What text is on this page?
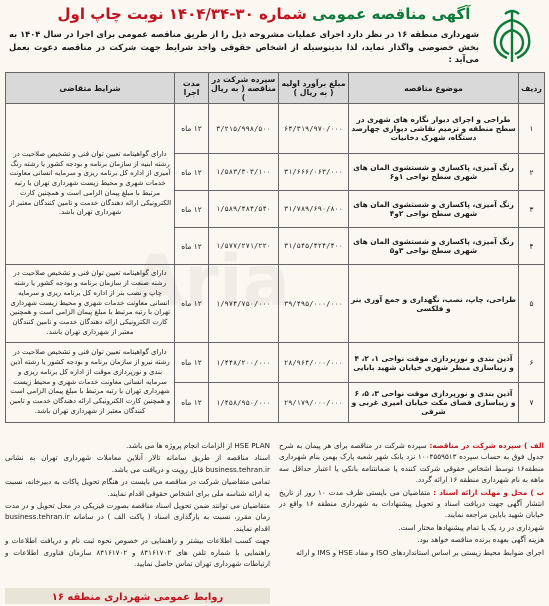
آگهی مناقصه عمومی شماره ۳۰-۱۴۰۴/۳۴ نوبت چاپ اول

شهرداری منطقه ۱۶ در نظر دارد اجرای عملیات مشروحه ذیل را از طریق مناقصه عمومی برای اجرا در سال ۱۴۰۴ به بخش خصوصی واگذار نماید، لذا بدینوسیله از اشخاص حقوقی واجد شرایط جهت شرکت در مناقصه دعوت بعمل می‌آید :

ردیف	موضوع مناقصه	مبلغ برآورد اولیه ( به ریال )	سپرده شرکت در مناقصه ( به ریال )	مدت اجرا	شرایط متقاضی
۱	طراحی و اجرای دیوار نگاره های شهری در سطح منطقه و ترمیم نقاشی دیواری چهارصد دستگاه، شهرک دخانیات	۶۴/۳۱۹/۹۷۰/۰۰۰	۳/۲۱۵/۹۹۸/۵۰۰	۱۲ ماه	دارای گواهینامه تعیین توان فنی و تشخیص صلاحیت در رشته ابنیه از سازمان برنامه و بودجه کشور یا رشته رنگ آمیزی از اداره کل برنامه ریزی و سرمایه انسانی معاونت خدمات شهری و محیط زیست شهرداری تهران با رتبه مرتبط با مبلغ پیمان الزامی است و همچنین کارت الکترونیکی ارائه دهندگان خدمت و تامین کنندگان معتبر از شهرداری تهران باشد.
۲	رنگ آمیزی، پاکسازی و شستشوی المان های شهری سطح نواحی ۱و۶	۳۱/۶۶۶/۰۶۳/۰۰۰	۱/۵۸۳/۳۰۳/۱۰۰	۱۲ ماه	
۳	رنگ آمیزی، پاکسازی و شستشوی المان های شهری سطح نواحی ۲و۴	۳۱/۷۸۹/۶۹۰/۸۰۰	۱/۵۸۹/۴۸۴/۵۴۰	۱۲ ماه	
۴	رنگ آمیزی، پاکسازی و شستشوی المان های شهری سطح نواحی ۳و۵	۳۱/۵۴۵/۴۲۴/۴۰۰	۱/۵۷۷/۲۷۱/۲۲۰	۱۲ ماه	
۵	طراحی، چاپ، نصب، نگهداری و جمع آوری بنر و فلکسی	۳۹/۴۹۵/۰۰۰/۰۰۰	۱/۹۷۴/۷۵۰/۰۰۰	۱۲ ماه	دارای گواهینامه تعیین توان فنی و تشخیص صلاحیت در رشته صنعت از سازمان برنامه و بودجه کشور یا رشته چاپ و نصب بنر از اداره کل برنامه ریزی و سرمایه انسانی معاونت خدمات شهری و محیط زیست شهرداری تهران با رتبه مرتبط با مبلغ پیمان الزامی است و همچنین کارت الکترونیکی ارائه دهندگان خدمت و تامین کنندگان معتبر از شهرداری تهران باشد.
۶	آذین بندی و نورپردازی موقت نواحی ۱، ۲، ۴ و زیباسازی منظر شهری خیابان شهید بابایی	۲۸/۹۶۴/۰۰۰/۰۰۰	۱/۴۴۸/۲۰۰/۰۰۰	۱۲ ماه	دارای گواهینامه تعیین توان فنی و تشخیص صلاحیت در رشته نیرو از سازمان برنامه و بودجه کشور یا رشته آذین بندی و نورپردازی موقت از اداره کل برنامه ریزی و سرمایه انسانی معاونت خدمات شهری و محیط زیست شهرداری تهران با رتبه مرتبط با مبلغ پیمان الزامی است و همچنین کارت الکترونیکی ارائه دهندگان خدمت و تامین کنندگان معتبر از شهرداری تهران باشد.
۷	آذین بندی و نورپردازی موقت نواحی ۳، ۵، ۶ و زیباسازی فضای مکث خیابان امیری غربی و شرقی	۲۹/۱۷۹/۰۰۰/۰۰۰	۱/۴۵۸/۹۵۰/۰۰۰	۱۲ ماه	

الف ) سپرده شرکت در مناقصه: سپرده شرکت در مناقصه برای هر پیمان به شرح جدول فوق به حساب سپرده ۱۰۰۴۵۵۹۵۱۳ نزد بانک شهر شعبه پارک بهمن بنام شهرداری منطقه۱۶ توسط اشخاص حقوقی شرکت کننده یا ضمانتنامه بانکی یا اعتبار حداقل سه ماهه به نام شهرداری منطقه ۱۶ ارائه گردد.

ب ) محل و مهلت ارائه اسناد : متقاضیان می بایستی ظرف مدت ۱۰ روز از تاریخ انتشار آگهی جهت دریافت اسناد و تحویل پیشنهادات به شهرداری منطقه ۱۶ واقع در خیابان شهید بابایی مراجعه نمایند.

شهرداری در رد یک یا تمام پیشنهادها مختار است.

هزینه آگهی بعهده برنده مناقصه خواهد بود.

اجرای ضوابط محیط زیستی بر اساس استانداردهای ISO و مفاد HSE و IMS و ارائه

HSE PLAN از الزامات انجام پروژه ها می باشد.

اسناد مناقصه از طریق سامانه تالار آنلاین معاملات شهرداری تهران به نشانی business.tehran.ir قابل رویت و دریافت می باشد.

تمامی متقاضیان شرکت در مناقصه می بایست در هنگام تحویل پاکات به دبیرخانه، نسبت به ارائه شناسه ملی برای اشخاص حقوقی اقدام نمایند.

متقاضیان می توانند ضمن تحویل اسناد مناقصه بصورت فیزیکی در محل تحویل و در مدت زمان مقرر، نسبت به بارگذاری اسناد ( پاکت الف ) در سامانه business.tehran.ir اقدام نمایند.

جهت کسب اطلاعات بیشتر و راهنمایی در خصوص نحوه ثبت نام و دریافت اطلاعات و راهنمایی با شماره تلفن های ۸۴۱۶۱۷۰۲ و ۸۴۱۶۱۷۰۲ سازمان فناوری اطلاعات و ارتباطات شهرداری تهران تماس حاصل نمایید.

روابط عمومی شهرداری منطقه ۱۶
